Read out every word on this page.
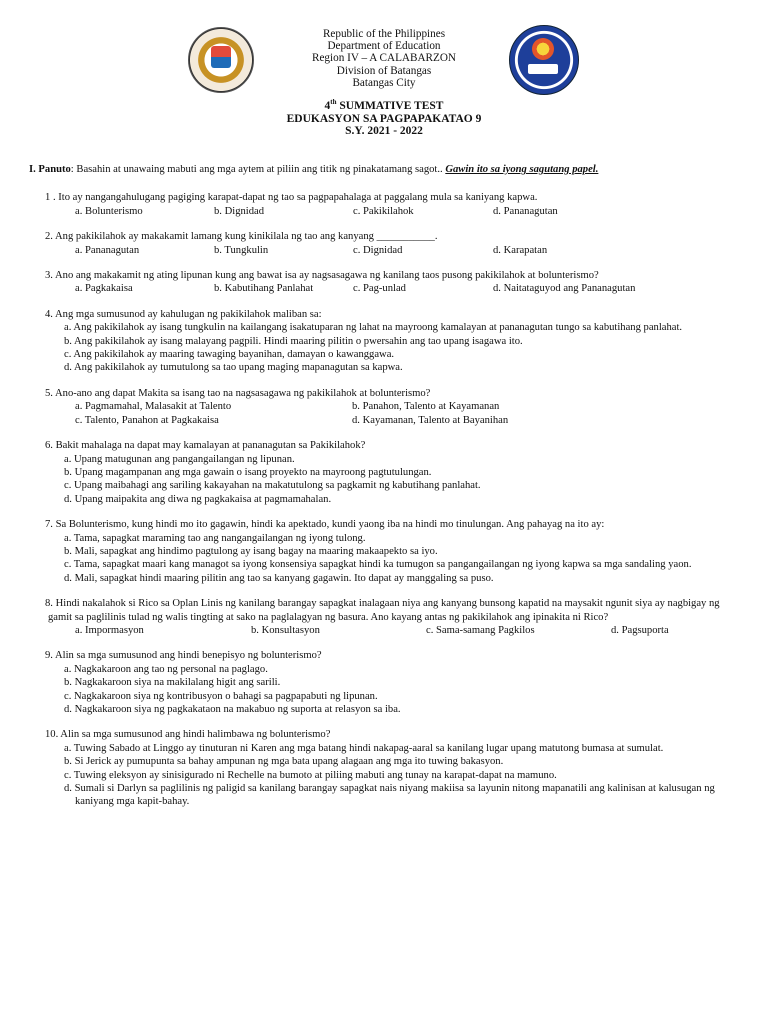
Republic of the Philippines
Department of Education
Region IV – A CALABARZON
Division of Batangas
Batangas City
4th SUMMATIVE TEST
EDUKASYON SA PAGPAPAKATAO 9
S.Y. 2021 - 2022
I. Panuto: Basahin at unawaing mabuti ang mga aytem at piliin ang titik ng pinakatamang sagot.. Gawin ito sa iyong sagutang papel.
1 . Ito ay nangangahulugang pagiging karapat-dapat ng tao sa pagpapahalaga at paggalang mula sa kaniyang kapwa.
a. Bolunterismo	b. Dignidad	c. Pakikilahok	d. Pananagutan
2. Ang pakikilahok ay makakamit lamang kung kinikilala ng tao ang kanyang ___________.
a. Pananagutan	b. Tungkulin	c. Dignidad	d. Karapatan
3. Ano ang makakamit ng ating lipunan kung ang bawat isa ay nagsasagawa ng kanilang taos pusong pakikilahok at bolunterismo?
a. Pagkakaisa	b. Kabutihang Panlahat	c. Pag-unlad	d. Naitataguyod ang Pananagutan
4. Ang mga sumusunod ay kahulugan ng pakikilahok maliban sa:
a. Ang pakikilahok ay isang tungkulin na kailangang isakatuparan ng lahat na mayroong kamalayan at pananagutan tungo sa kabutihang panlahat.
b. Ang pakikilahok ay isang malayang pagpili. Hindi maaring pilitin o pwersahin ang tao upang isagawa ito.
c. Ang pakikilahok ay maaring tawaging bayanihan, damayan o kawanggawa.
d. Ang pakikilahok ay tumutulong sa tao upang maging mapanagutan sa kapwa.
5. Ano-ano ang dapat Makita sa isang tao na nagsasagawa ng pakikilahok at bolunterismo?
a. Pagmamahal, Malasakit at Talento	b. Panahon, Talento at Kayamanan
c. Talento, Panahon at Pagkakaisa	d. Kayamanan, Talento at Bayanihan
6. Bakit mahalaga na dapat may kamalayan at pananagutan sa Pakikilahok?
a. Upang matugunan ang pangangailangan ng lipunan.
b. Upang magampanan ang mga gawain o isang proyekto na mayroong pagtutulungan.
c. Upang maibahagi ang sariling kakayahan na makatutulong sa pagkamit ng kabutihang panlahat.
d. Upang maipakita ang diwa ng pagkakaisa at pagmamahalan.
7. Sa Bolunterismo, kung hindi mo ito gagawin, hindi ka apektado, kundi yaong iba na hindi mo tinulungan. Ang pahayag na ito ay:
a. Tama, sapagkat maraming tao ang nangangailangan ng iyong tulong.
b. Mali, sapagkat ang hindimo pagtulong ay isang bagay na maaring makaapekto sa iyo.
c. Tama, sapagkat maari kang managot sa iyong konsensiya sapagkat hindi ka tumugon sa pangangailangan ng iyong kapwa sa mga sandaling yaon.
d. Mali, sapagkat hindi maaring pilitin ang tao sa kanyang gagawin. Ito dapat ay manggaling sa puso.
8. Hindi nakalahok si Rico sa Oplan Linis ng kanilang barangay sapagkat inalagaan niya ang kanyang bunsong kapatid na maysakit ngunit siya ay nagbigay ng gamit sa paglilinis tulad ng walis tingting at sako na paglalagyan ng basura. Ano kayang antas ng pakikilahok ang ipinakita ni Rico?
a. Impormasyon	b. Konsultasyon	c. Sama-samang Pagkilos	d. Pagsuporta
9. Alin sa mga sumusunod ang hindi benepisyo ng bolunterismo?
a. Nagkakaroon ang tao ng personal na paglago.
b. Nagkakaroon siya na makilalang higit ang sarili.
c. Nagkakaroon siya ng kontribusyon o bahagi sa pagpapabuti ng lipunan.
d. Nagkakaroon siya ng pagkakataon na makabuo ng suporta at relasyon sa iba.
10. Alin sa mga sumusunod ang hindi halimbawa ng bolunterismo?
a. Tuwing Sabado at Linggo ay tinuturan ni Karen ang mga batang hindi nakapag-aaral sa kanilang lugar upang matutong bumasa at sumulat.
b. Si Jerick ay pumupunta sa bahay ampunan ng mga bata upang alagaan ang mga ito tuwing bakasyon.
c. Tuwing eleksyon ay sinisigurado ni Rechelle na bumoto at piliing mabuti ang tunay na karapat-dapat na mamuno.
d. Sumali si Darlyn sa paglilinis ng paligid sa kanilang barangay sapagkat nais niyang makiisa sa layunin nitong mapanatili ang kalinisan at kalusugan ng kaniyang mga kapit-bahay.
